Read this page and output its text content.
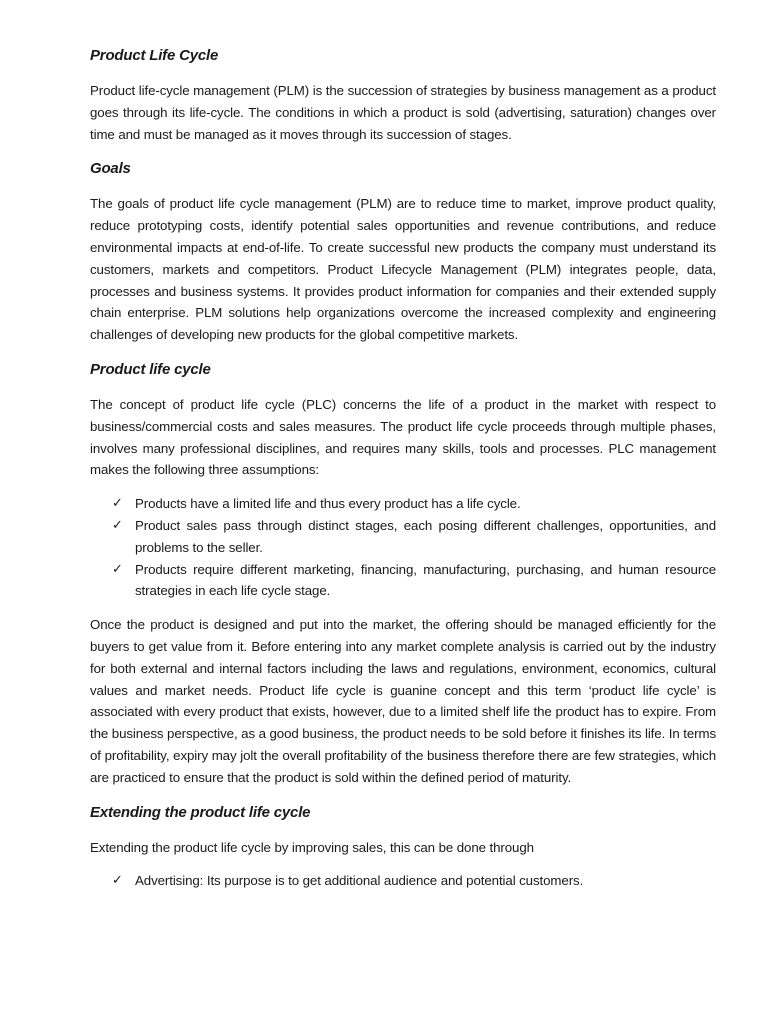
Product Life Cycle

Product life-cycle management (PLM) is the succession of strategies by business management as a product goes through its life-cycle. The conditions in which a product is sold (advertising, saturation) changes over time and must be managed as it moves through its succession of stages.

Goals

The goals of product life cycle management (PLM) are to reduce time to market, improve product quality, reduce prototyping costs, identify potential sales opportunities and revenue contributions, and reduce environmental impacts at end-of-life. To create successful new products the company must understand its customers, markets and competitors. Product Lifecycle Management (PLM) integrates people, data, processes and business systems. It provides product information for companies and their extended supply chain enterprise. PLM solutions help organizations overcome the increased complexity and engineering challenges of developing new products for the global competitive markets.

Product life cycle

The concept of product life cycle (PLC) concerns the life of a product in the market with respect to business/commercial costs and sales measures. The product life cycle proceeds through multiple phases, involves many professional disciplines, and requires many skills, tools and processes. PLC management makes the following three assumptions:

✓ Products have a limited life and thus every product has a life cycle.
✓ Product sales pass through distinct stages, each posing different challenges, opportunities, and problems to the seller.
✓ Products require different marketing, financing, manufacturing, purchasing, and human resource strategies in each life cycle stage.

Once the product is designed and put into the market, the offering should be managed efficiently for the buyers to get value from it. Before entering into any market complete analysis is carried out by the industry for both external and internal factors including the laws and regulations, environment, economics, cultural values and market needs. Product life cycle is guanine concept and this term ‘product life cycle’ is associated with every product that exists, however, due to a limited shelf life the product has to expire. From the business perspective, as a good business, the product needs to be sold before it finishes its life. In terms of profitability, expiry may jolt the overall profitability of the business therefore there are few strategies, which are practiced to ensure that the product is sold within the defined period of maturity.

Extending the product life cycle

Extending the product life cycle by improving sales, this can be done through

✓ Advertising: Its purpose is to get additional audience and potential customers.
